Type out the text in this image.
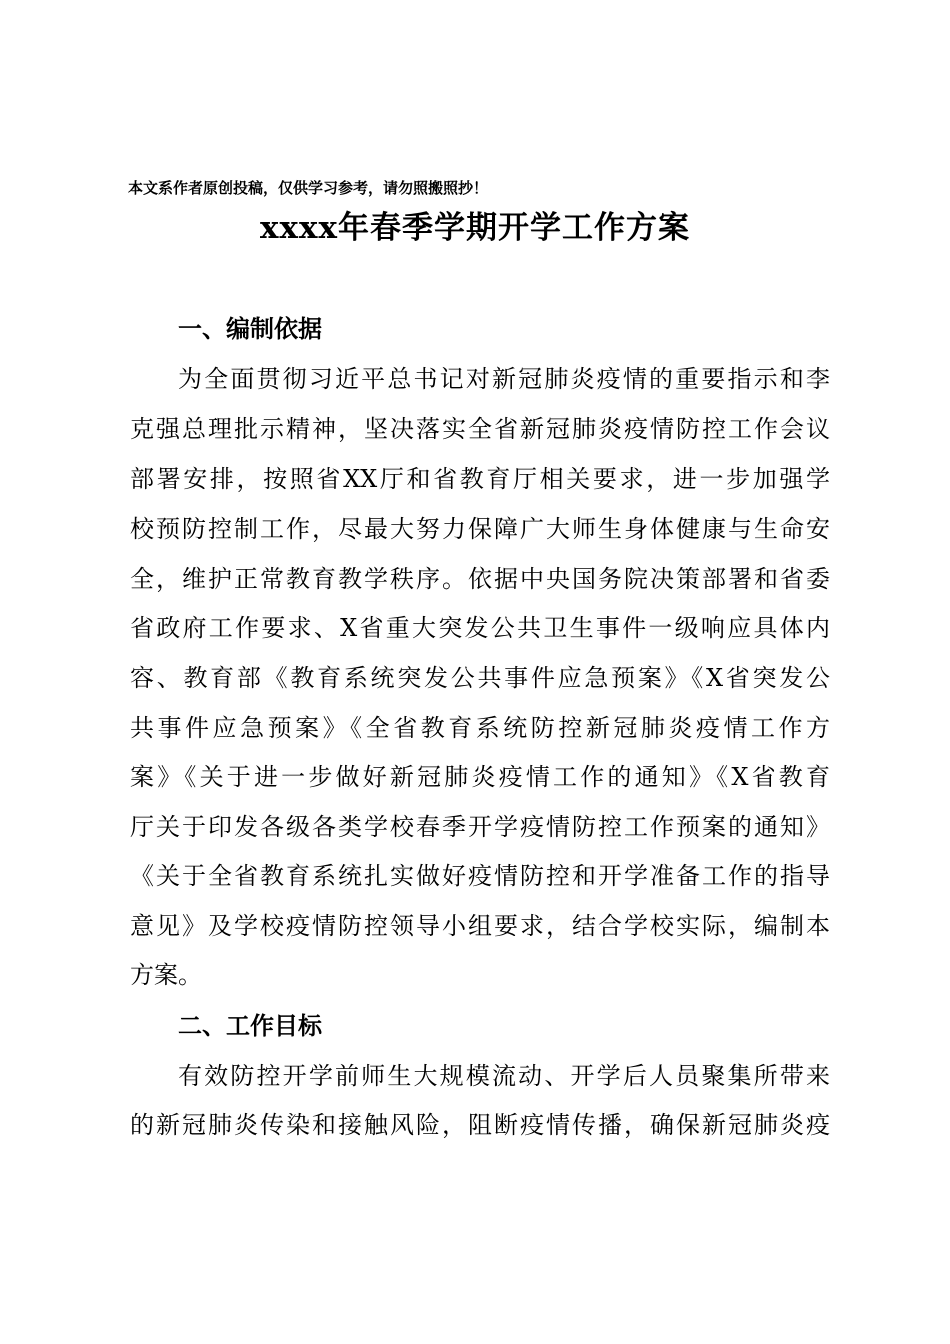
本文系作者原创投稿，仅供学习参考，请勿照搬照抄！
xxxx年春季学期开学工作方案
一、编制依据
为全面贯彻习近平总书记对新冠肺炎疫情的重要指示和李
克强总理批示精神，坚决落实全省新冠肺炎疫情防控工作会议
部署安排，按照省XX厅和省教育厅相关要求，进一步加强学
校预防控制工作，尽最大努力保障广大师生身体健康与生命安
全，维护正常教育教学秩序。依据中央国务院决策部署和省委
省政府工作要求、X省重大突发公共卫生事件一级响应具体内
容、教育部《教育系统突发公共事件应急预案》《X省突发公
共事件应急预案》《全省教育系统防控新冠肺炎疫情工作方
案》《关于进一步做好新冠肺炎疫情工作的通知》《X省教育
厅关于印发各级各类学校春季开学疫情防控工作预案的通知》
《关于全省教育系统扎实做好疫情防控和开学准备工作的指导
意见》及学校疫情防控领导小组要求，结合学校实际，编制本
方案。
二、工作目标
有效防控开学前师生大规模流动、开学后人员聚集所带来
的新冠肺炎传染和接触风险，阻断疫情传播，确保新冠肺炎疫
